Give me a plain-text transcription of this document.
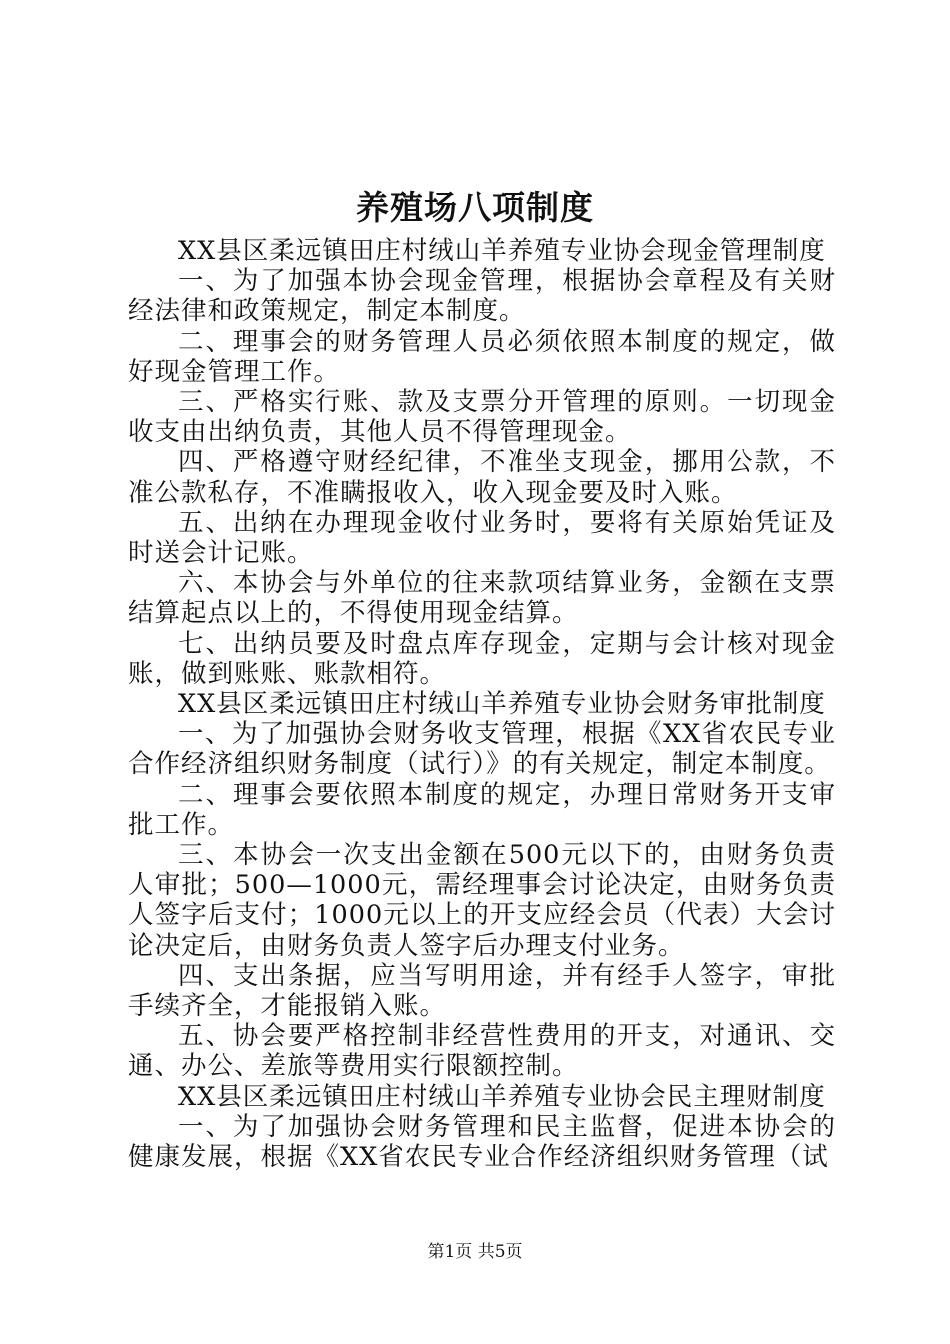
养殖场八项制度

XX县区柔远镇田庄村绒山羊养殖专业协会现金管理制度

一、为了加强本协会现金管理，根据协会章程及有关财经法律和政策规定，制定本制度。

二、理事会的财务管理人员必须依照本制度的规定，做好现金管理工作。

三、严格实行账、款及支票分开管理的原则。一切现金收支由出纳负责，其他人员不得管理现金。

四、严格遵守财经纪律，不准坐支现金，挪用公款，不准公款私存，不准瞒报收入，收入现金要及时入账。

五、出纳在办理现金收付业务时，要将有关原始凭证及时送会计记账。

六、本协会与外单位的往来款项结算业务，金额在支票结算起点以上的，不得使用现金结算。

七、出纳员要及时盘点库存现金，定期与会计核对现金账，做到账账、账款相符。

XX县区柔远镇田庄村绒山羊养殖专业协会财务审批制度

一、为了加强协会财务收支管理，根据《XX省农民专业合作经济组织财务制度（试行）》的有关规定，制定本制度。

二、理事会要依照本制度的规定，办理日常财务开支审批工作。

三、本协会一次支出金额在500元以下的，由财务负责人审批；500—1000元，需经理事会讨论决定，由财务负责人签字后支付；1000元以上的开支应经会员（代表）大会讨论决定后，由财务负责人签字后办理支付业务。

四、支出条据，应当写明用途，并有经手人签字，审批手续齐全，才能报销入账。

五、协会要严格控制非经营性费用的开支，对通讯、交通、办公、差旅等费用实行限额控制。

XX县区柔远镇田庄村绒山羊养殖专业协会民主理财制度

一、为了加强协会财务管理和民主监督，促进本协会的健康发展，根据《XX省农民专业合作经济组织财务管理（试

第1页 共5页
